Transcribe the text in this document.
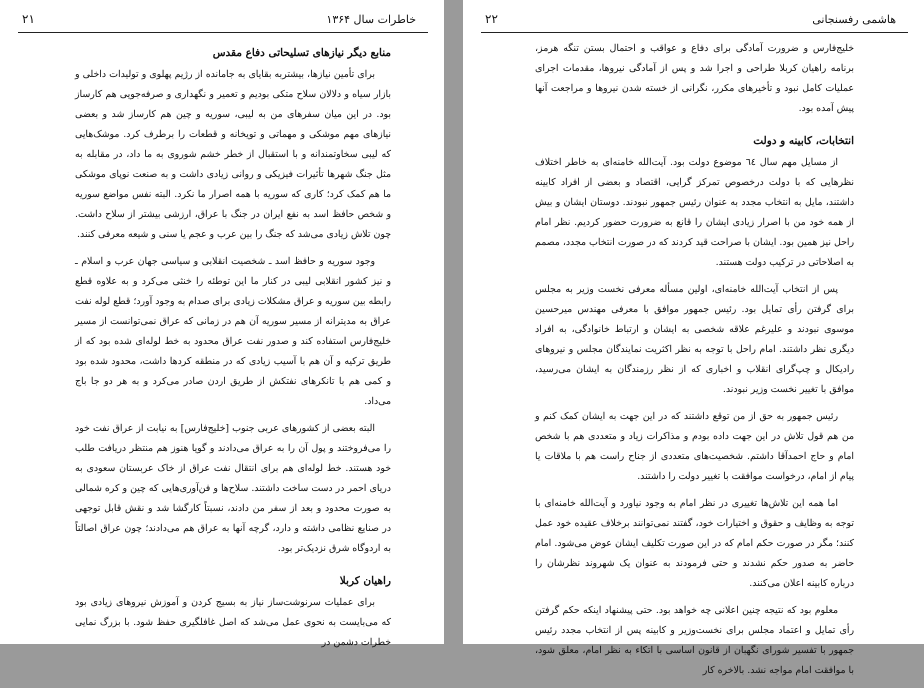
خاطرات سال ۱۳۶۴
۲۱
منابع دیگر نیازهای تسلیحاتی دفاع مقدس

برای تأمین نیازها، بیشتربه بقایای به جامانده از رژیم پهلوی و تولیدات داخلی و بازار سیاه و دلالان سلاح متکی بودیم و تعمیر و نگهداری و صرفه‌جویی هم کارساز بود. در این میان سفرهای من به لیبی، سوریه و چین هم کارساز شد و بعضی نیازهای مهم موشکی و مهماتی و تویخانه و قطعات را برطرف کرد. موشک‌هایی که لیبی سخاوتمندانه و با استقبال از خطر خشم شوروی به ما داد، در مقابله به مثل جنگ شهرها تأثیرات فیزیکی و روانی زیادی داشت و به صنعت نوپای موشکی ما هم کمک کرد؛ کاری که سوریه با همه اصرار ما نکرد. البته نفس مواضع سوریه و شخص حافظ اسد به نفع ایران در جنگ با عراق، ارزشی بیشتر از سلاح داشت. چون تلاش زیادی می‌شد که جنگ را بین عرب و عجم یا سنی و شیعه معرفی کنند.

وجود سوریه و حافظ اسد ـ شخصیت انقلابی و سیاسی جهان عرب و اسلام ـ و نیز کشور انقلابی لیبی در کنار ما این توطئه را خنثی می‌کرد و به علاوه قطع رابطه بین سوریه و عراق مشکلات زیادی برای صدام به وجود آورد؛ قطع لوله نفت عراق به مدیترانه از مسیر سوریه آن هم در زمانی که عراق نمی‌توانست از مسیر خلیج‌فارس استفاده کند و صدور نفت عراق محدود به خط لوله‌ای شده بود که از طریق ترکیه و آن هم با آسیب زیادی که در منطقه کردها داشت، محدود شده بود و کمی هم با تانکرهای نفتکش از طریق اردن صادر می‌کرد و به هر دو جا باج می‌داد.

البته بعضی از کشورهای عربی جنوب [خلیج‌فارس] به نیابت از عراق نفت خود را می‌فروختند و پول آن را به عراق می‌دادند و گویا هنوز هم منتظر دریافت طلب خود هستند. خط لوله‌ای هم برای انتقال نفت عراق از خاک عربستان سعودی به دریای احمر در دست ساخت داشتند. سلاح‌ها و فن‌آوری‌هایی که چین و کره شمالی به صورت محدود و بعد از سفر من دادند، نسبتاً کارگشا شد و نقش قابل توجهی در صنایع نظامی داشته و دارد، گرچه آنها به عراق هم می‌دادند؛ چون عراق اصالتاً به اردوگاه شرق نزدیک‌تر بود.

راهیان کربلا

برای عملیات سرنوشت‌ساز نیاز به بسیج کردن و آموزش نیروهای زیادی بود که می‌بایست به نحوی عمل می‌شد که اصل غافلگیری حفظ شود. با بزرگ نمایی خطرات دشمن در

هاشمی رفسنجانی
۲۲

خلیج‌فارس و ضرورت آمادگی برای دفاع و عواقب و احتمال بستن تنگه هرمز، برنامه راهیان کربلا طراحی و اجرا شد و پس از آمادگی نیروها، مقدمات اجرای عملیات کامل نبود و تأخیرهای مکرر، نگرانی از خسته شدن نیروها و مراجعت آنها پیش آمده بود.

انتخابات، کابینه و دولت

از مسایل مهم سال ٦٤ موضوع دولت بود. آیت‌الله خامنه‌ای به خاطر اختلاف نظرهایی که با دولت درخصوص تمرکز گرایی، اقتصاد و بعضی از افراد کابینه داشتند، مایل به انتخاب مجدد به عنوان رئیس جمهور نبودند. دوستان ایشان و بیش از همه خود من با اصرار زیادی ایشان را قانع به ضرورت حضور کردیم. نظر امام راحل نیز همین بود. ایشان با صراحت قید کردند که در صورت انتخاب مجدد، مصمم به اصلاحاتی در ترکیب دولت هستند.

پس از انتخاب آیت‌الله خامنه‌ای، اولین مسأله معرفی نخست وزیر به مجلس برای گرفتن رأی تمایل بود. رئیس جمهور موافق با معرفی مهندس میرحسین موسوی نبودند و علیرغم علاقه شخصی به ایشان و ارتباط خانوادگی، به افراد دیگری نظر داشتند. امام راحل با توجه به نظر اکثریت نمایندگان مجلس و نیروهای رادیکال و چپ‌گرای انقلاب و اخباری که از نظر رزمندگان به ایشان می‌رسید، موافق با تغییر نخست وزیر نبودند.

رئیس جمهور به حق از من توقع داشتند که در این جهت به ایشان کمک کنم و من هم قول تلاش در این جهت داده بودم و مذاکرات زیاد و متعددی هم با شخص امام و حاج احمدآقا داشتم. شخصیت‌های متعددی از جناح راست هم با ملاقات یا پیام از امام، درخواست موافقت با تغییر دولت را داشتند.

اما همه این تلاش‌ها تغییری در نظر امام به وجود نیاورد و آیت‌الله خامنه‌ای با توجه به وظایف و حقوق و اختیارات خود، گفتند نمی‌توانند برخلاف عقیده خود عمل کنند؛ مگر در صورت حکم امام که در این صورت تکلیف ایشان عوض می‌شود. امام حاضر به صدور حکم نشدند و حتی فرمودند به عنوان یک شهروند نظرشان را درباره کابینه اعلان می‌کنند.

معلوم بود که نتیجه چنین اعلانی چه خواهد بود. حتی پیشنهاد اینکه حکم گرفتن رأی تمایل و اعتماد مجلس برای نخست‌وزیر و کابینه پس از انتخاب مجدد رئیس جمهور با تفسیر شورای نگهبان از قانون اساسی با اتکاء به نظر امام، معلق شود، با موافقت امام مواجه نشد. بالاخره کار
